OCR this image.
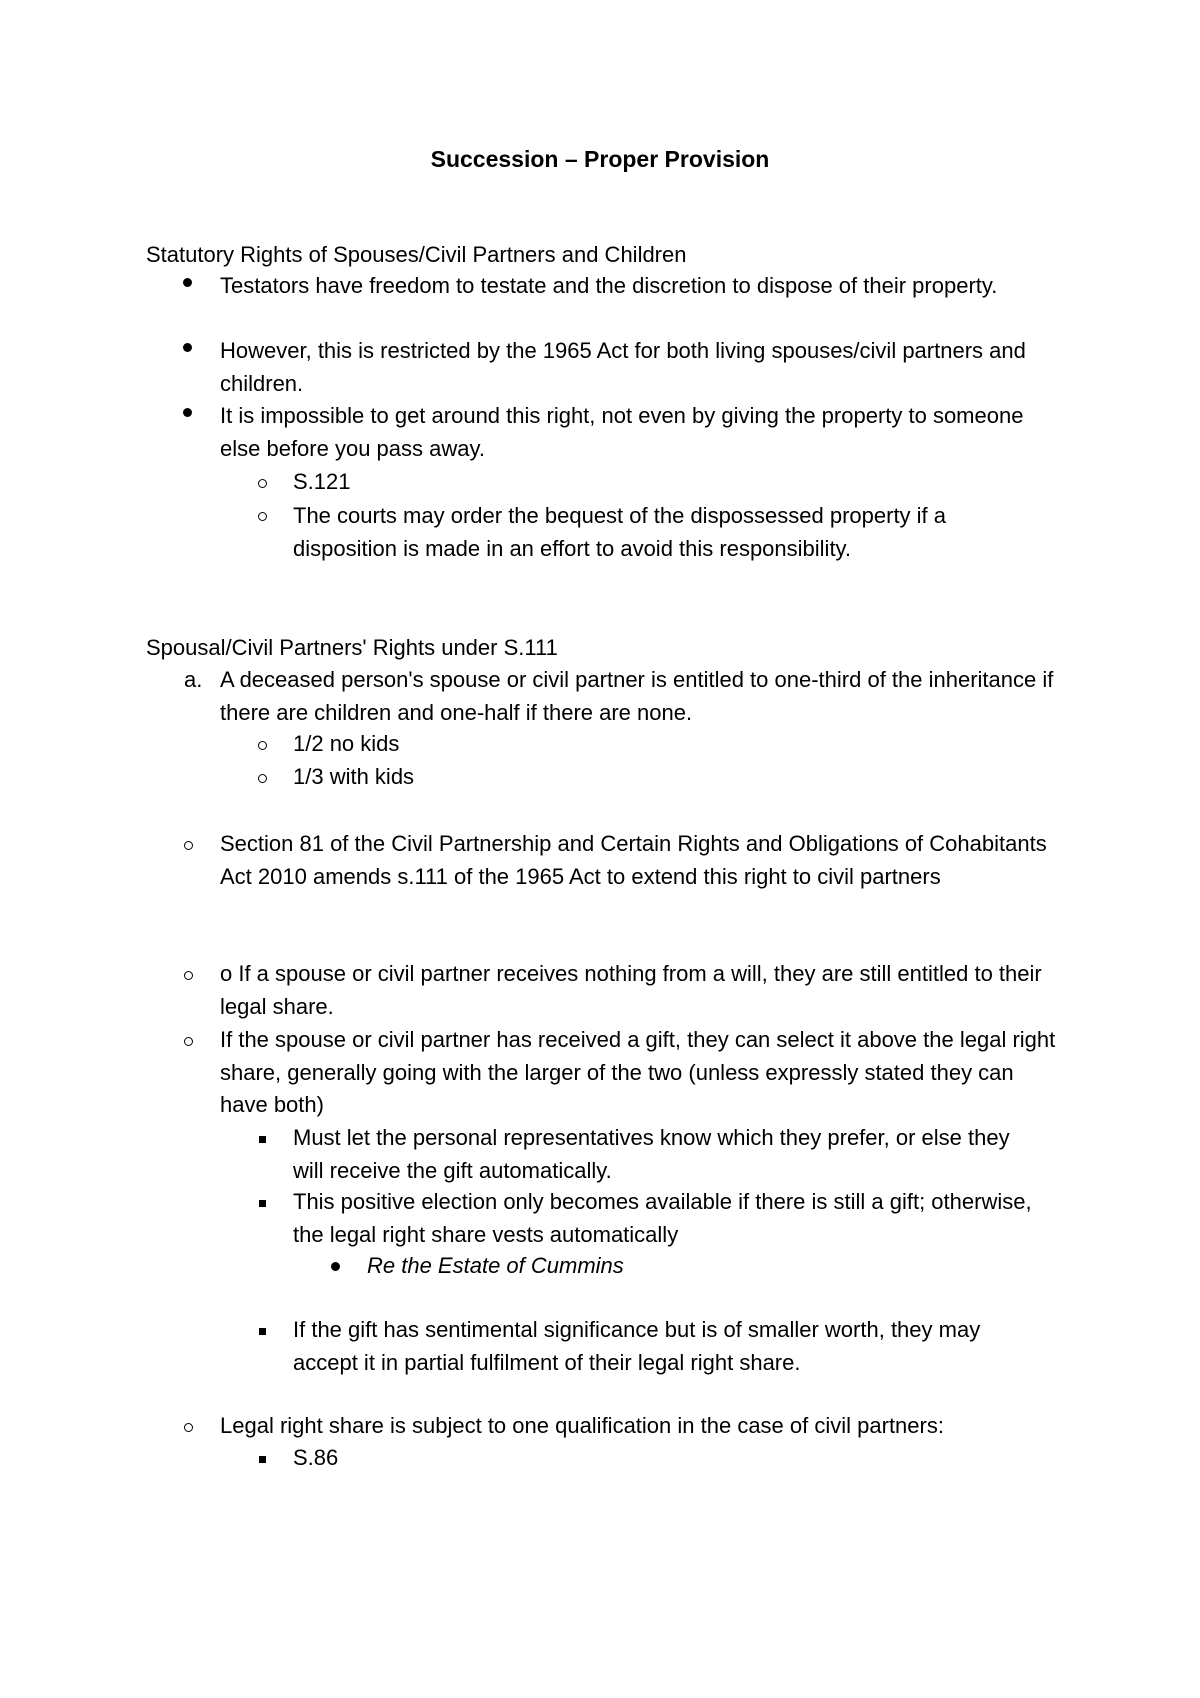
Succession – Proper Provision
Statutory Rights of Spouses/Civil Partners and Children
Testators have freedom to testate and the discretion to dispose of their property.
However, this is restricted by the 1965 Act for both living spouses/civil partners and children.
It is impossible to get around this right, not even by giving the property to someone else before you pass away.
S.121
The courts may order the bequest of the dispossessed property if a disposition is made in an effort to avoid this responsibility.
Spousal/Civil Partners' Rights under S.111
a. A deceased person's spouse or civil partner is entitled to one-third of the inheritance if there are children and one-half if there are none.
1/2 no kids
1/3 with kids
Section 81 of the Civil Partnership and Certain Rights and Obligations of Cohabitants Act 2010 amends s.111 of the 1965 Act to extend this right to civil partners
o If a spouse or civil partner receives nothing from a will, they are still entitled to their legal share.
If the spouse or civil partner has received a gift, they can select it above the legal right share, generally going with the larger of the two (unless expressly stated they can have both)
Must let the personal representatives know which they prefer, or else they will receive the gift automatically.
This positive election only becomes available if there is still a gift; otherwise, the legal right share vests automatically
Re the Estate of Cummins
If the gift has sentimental significance but is of smaller worth, they may accept it in partial fulfilment of their legal right share.
Legal right share is subject to one qualification in the case of civil partners:
S.86
